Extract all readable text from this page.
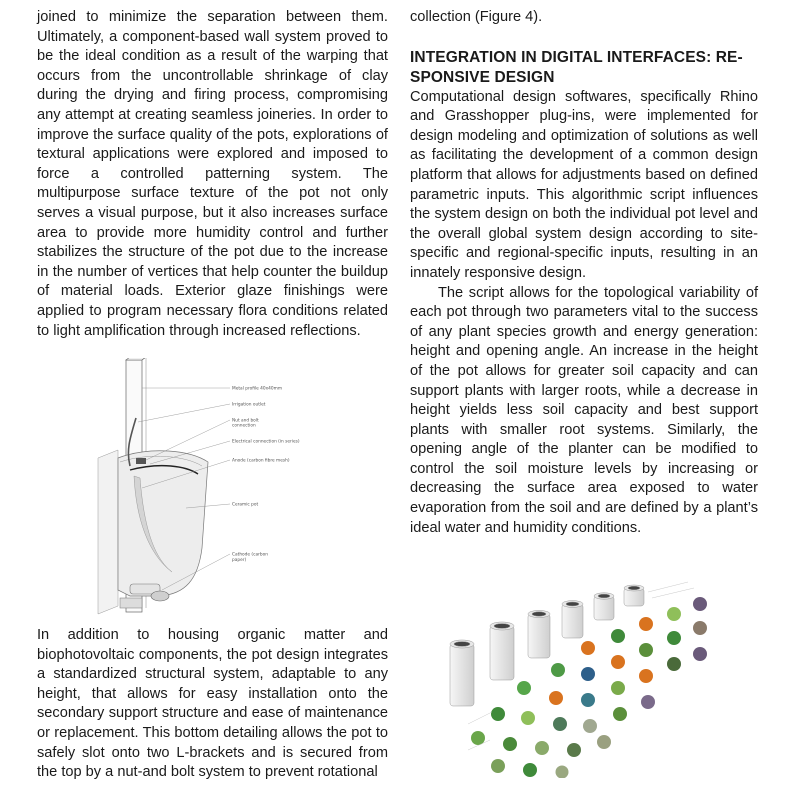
joined to minimize the separation between them. Ultimately, a component-based wall system proved to be the ideal condition as a result of the warping that occurs from the uncontrollable shrinkage of clay during the drying and firing process, compromising any attempt at creating seamless joineries. In order to improve the surface quality of the pots, explorations of textural applications were explored and imposed to force a controlled patterning system. The multipurpose surface texture of the pot not only serves a visual purpose, but it also increases surface area to provide more humidity control and further stabilizes the structure of the pot due to the increase in the number of vertices that help counter the buildup of material loads. Exterior glaze finishings were applied to program necessary flora conditions related to light amplification through increased reflections.

Metal profile 40x40mm
Irrigation outlet
Nut and bolt
connection
Electrical connection (in series)
Anode (carbon fibre mesh)
Ceramic pot
Cathode (carbon
paper)

In addition to housing organic matter and biophotovoltaic components, the pot design integrates a standardized structural system, adaptable to any height, that allows for easy installation onto the secondary support structure and ease of maintenance or replacement. This bottom detailing allows the pot to safely slot onto two L-brackets and is secured from the top by a nut-and bolt system to prevent rotational

collection (Figure 4).

INTEGRATION IN DIGITAL INTERFACES: RE-
SPONSIVE DESIGN

Computational design softwares, specifically Rhino and Grasshopper plug-ins, were implemented for design modeling and optimization of solutions as well as facilitating the development of a common design platform that allows for adjustments based on defined parametric inputs. This algorithmic script influences the system design on both the individual pot level and the overall global system design according to site-specific and regional-specific inputs, resulting in an innately responsive design.

The script allows for the topological variability of each pot through two parameters vital to the success of any plant species growth and energy generation: height and opening angle. An increase in the height of the pot allows for greater soil capacity and can support plants with larger roots, while a decrease in height yields less soil capacity and best support plants with smaller root systems. Similarly, the opening angle of the planter can be modified to control the soil moisture levels by increasing or decreasing the surface area exposed to water evaporation from the soil and are defined by a plant’s ideal water and humidity conditions.
